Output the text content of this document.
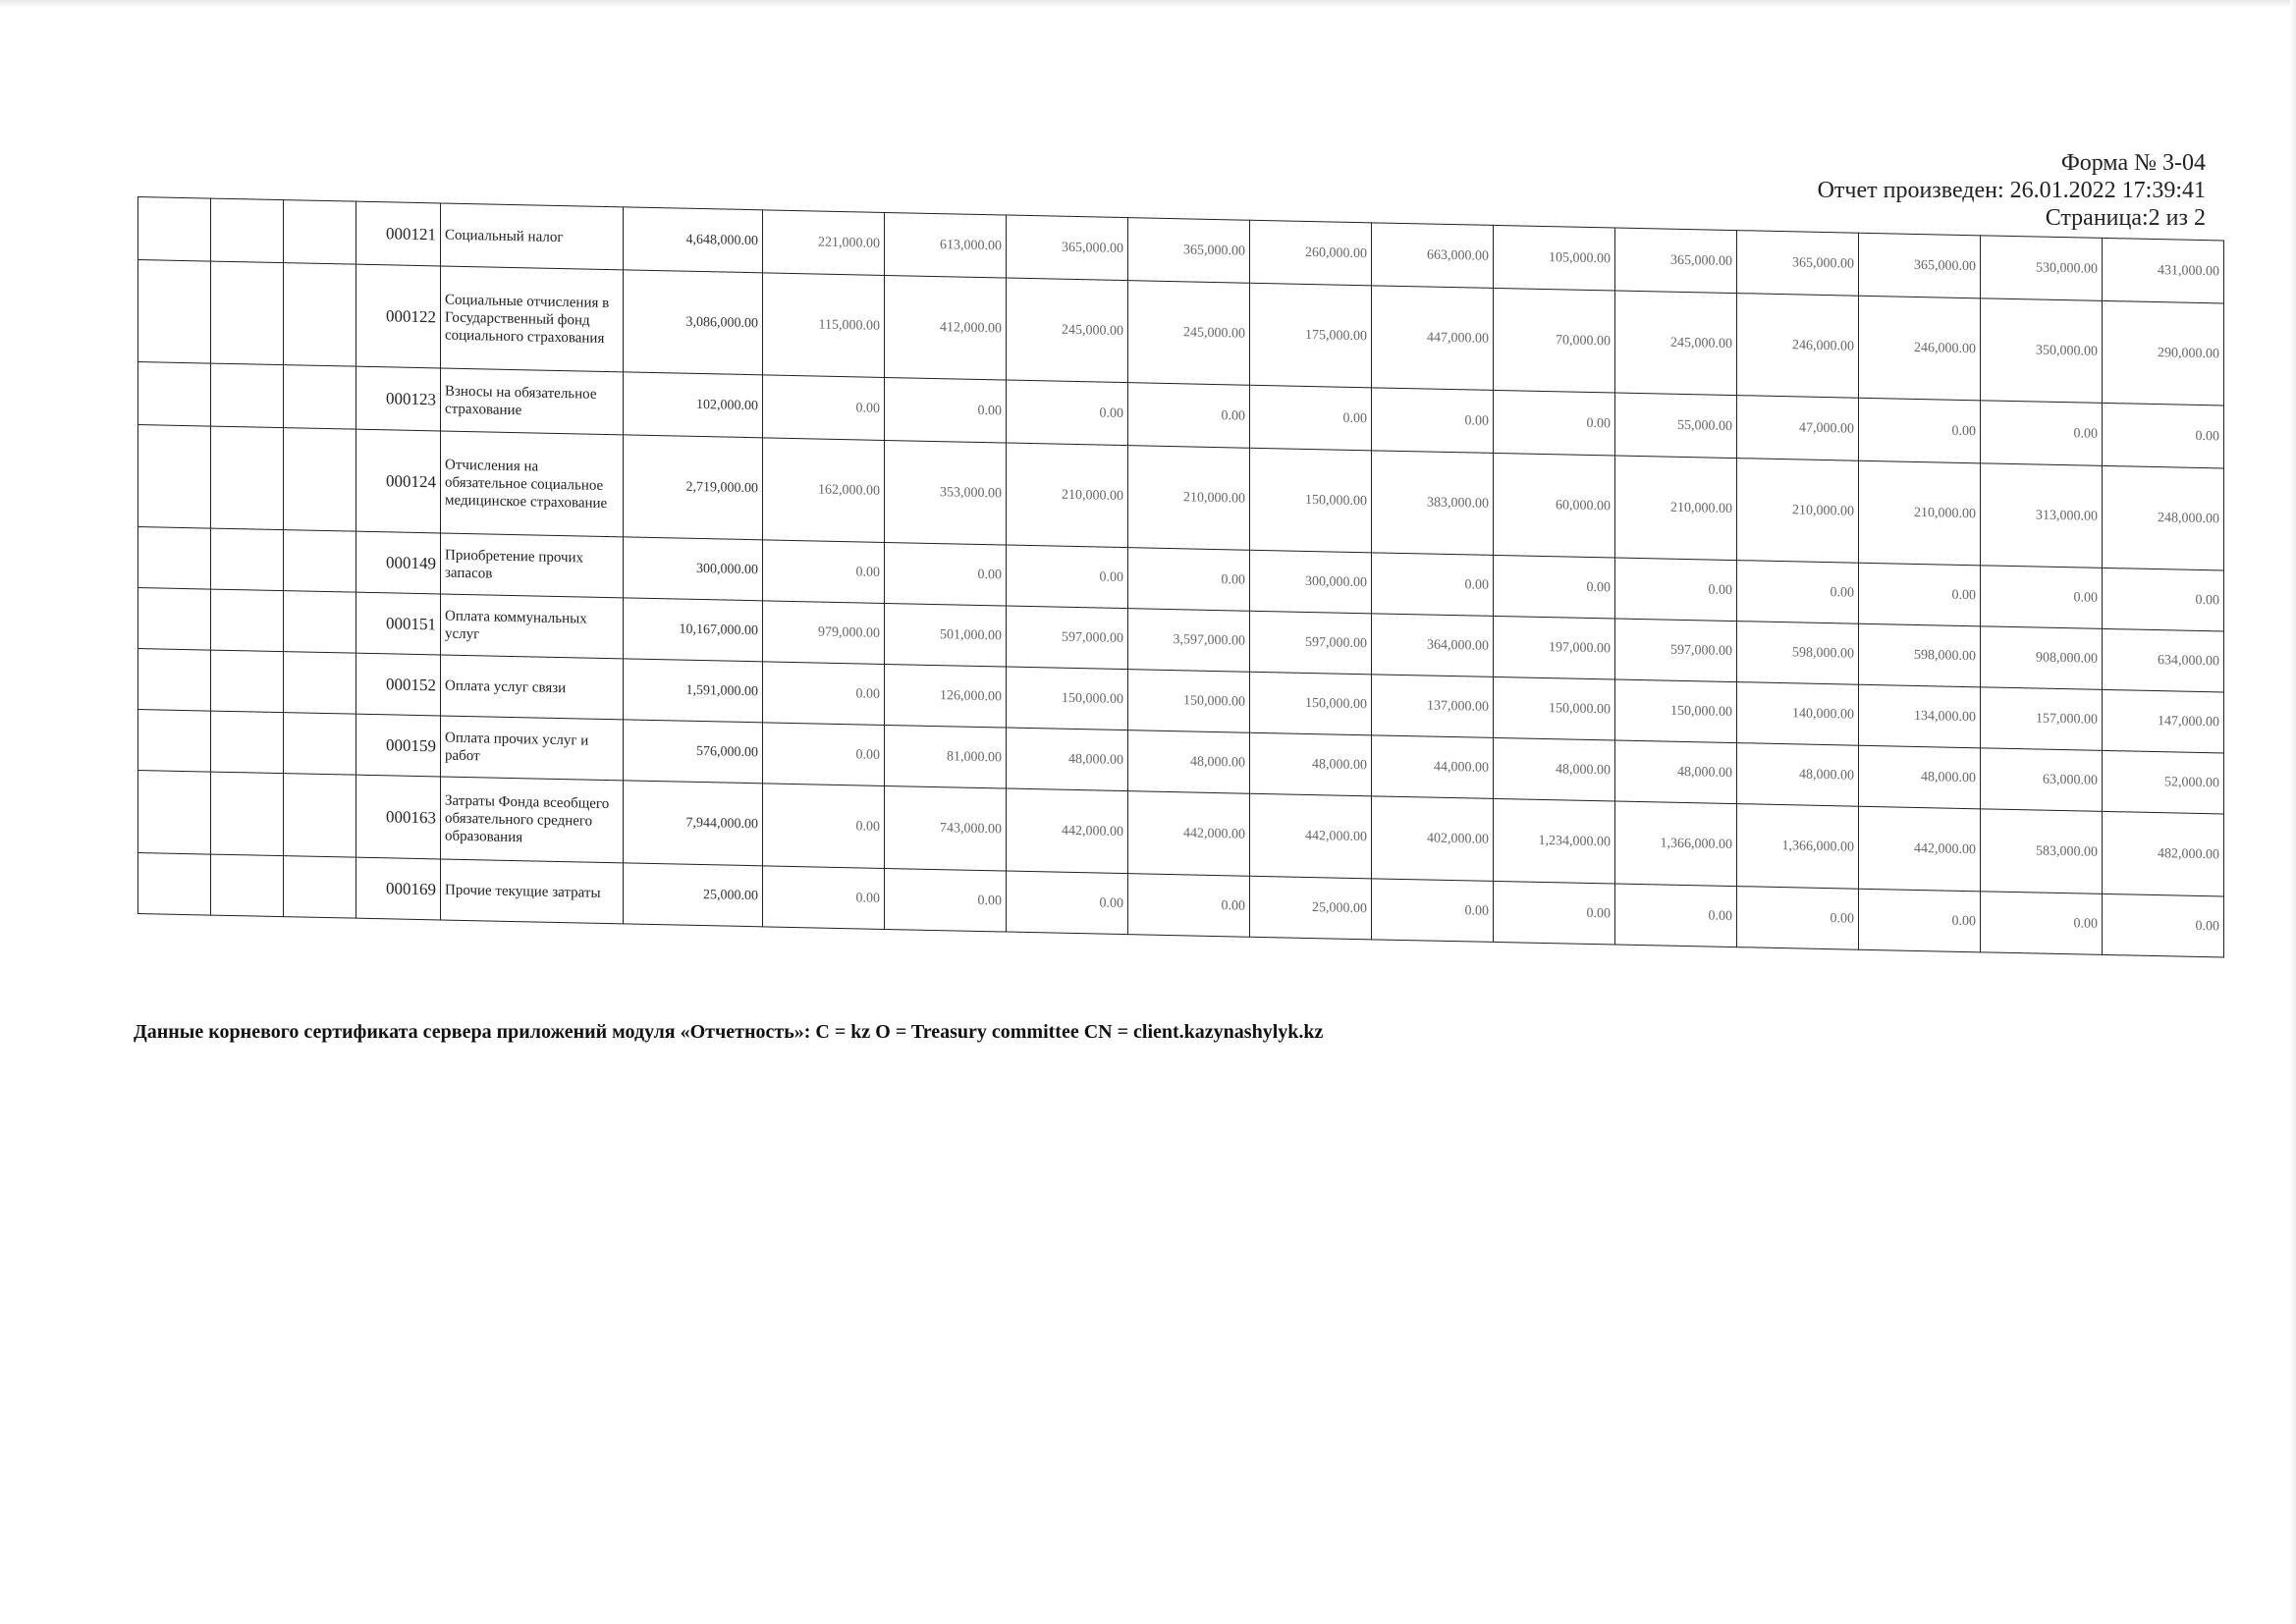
Форма № 3-04
Отчет произведен: 26.01.2022 17:39:41
Страница:2 из 2
			000121	Социальный налог	4,648,000.00	221,000.00	613,000.00	365,000.00	365,000.00	260,000.00	663,000.00	105,000.00	365,000.00	365,000.00	365,000.00	530,000.00	431,000.00
			000122	Социальные отчисления в Государственный фонд социального страхования	3,086,000.00	115,000.00	412,000.00	245,000.00	245,000.00	175,000.00	447,000.00	70,000.00	245,000.00	246,000.00	246,000.00	350,000.00	290,000.00
			000123	Взносы на обязательное страхование	102,000.00	0.00	0.00	0.00	0.00	0.00	0.00	0.00	55,000.00	47,000.00	0.00	0.00	0.00
			000124	Отчисления на обязательное социальное медицинское страхование	2,719,000.00	162,000.00	353,000.00	210,000.00	210,000.00	150,000.00	383,000.00	60,000.00	210,000.00	210,000.00	210,000.00	313,000.00	248,000.00
			000149	Приобретение прочих запасов	300,000.00	0.00	0.00	0.00	0.00	300,000.00	0.00	0.00	0.00	0.00	0.00	0.00	0.00
			000151	Оплата коммунальных услуг	10,167,000.00	979,000.00	501,000.00	597,000.00	3,597,000.00	597,000.00	364,000.00	197,000.00	597,000.00	598,000.00	598,000.00	908,000.00	634,000.00
			000152	Оплата услуг связи	1,591,000.00	0.00	126,000.00	150,000.00	150,000.00	150,000.00	137,000.00	150,000.00	150,000.00	140,000.00	134,000.00	157,000.00	147,000.00
			000159	Оплата прочих услуг и работ	576,000.00	0.00	81,000.00	48,000.00	48,000.00	48,000.00	44,000.00	48,000.00	48,000.00	48,000.00	48,000.00	63,000.00	52,000.00
			000163	Затраты Фонда всеобщего обязательного среднего образования	7,944,000.00	0.00	743,000.00	442,000.00	442,000.00	442,000.00	402,000.00	1,234,000.00	1,366,000.00	1,366,000.00	442,000.00	583,000.00	482,000.00
			000169	Прочие текущие затраты	25,000.00	0.00	0.00	0.00	0.00	25,000.00	0.00	0.00	0.00	0.00	0.00	0.00	0.00
Данные корневого сертификата сервера приложений модуля «Отчетность»: C = kz O = Treasury committee CN = client.kazynashylyk.kz
